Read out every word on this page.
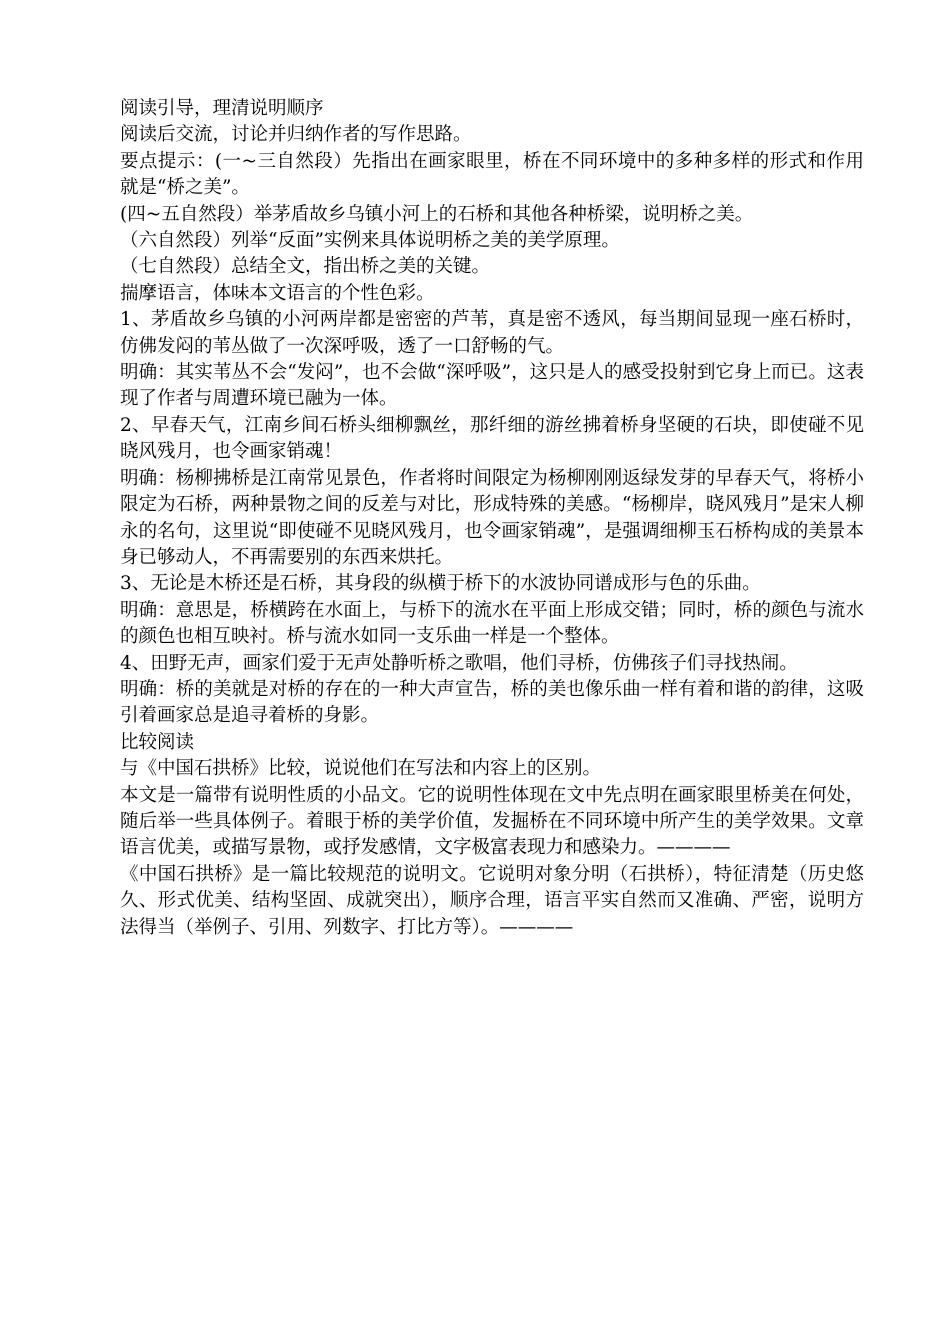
阅读引导，理清说明顺序

阅读后交流，讨论并归纳作者的写作思路。

要点提示：(一~三自然段）先指出在画家眼里，桥在不同环境中的多种多样的形式和作用就是“桥之美”。

(四~五自然段）举茅盾故乡乌镇小河上的石桥和其他各种桥梁，说明桥之美。

（六自然段）列举“反面”实例来具体说明桥之美的美学原理。

（七自然段）总结全文，指出桥之美的关键。

揣摩语言，体味本文语言的个性色彩。

1、茅盾故乡乌镇的小河两岸都是密密的芦苇，真是密不透风，每当期间显现一座石桥时，仿佛发闷的苇丛做了一次深呼吸，透了一口舒畅的气。

明确：其实苇丛不会“发闷”，也不会做“深呼吸”，这只是人的感受投射到它身上而已。这表现了作者与周遭环境已融为一体。

2、早春天气，江南乡间石桥头细柳飘丝，那纤细的游丝拂着桥身坚硬的石块，即使碰不见晓风残月，也令画家销魂！

明确：杨柳拂桥是江南常见景色，作者将时间限定为杨柳刚刚返绿发芽的早春天气，将桥小限定为石桥，两种景物之间的反差与对比，形成特殊的美感。“杨柳岸，晓风残月”是宋人柳永的名句，这里说“即使碰不见晓风残月，也令画家销魂”，是强调细柳玉石桥构成的美景本身已够动人，不再需要别的东西来烘托。

3、无论是木桥还是石桥，其身段的纵横于桥下的水波协同谱成形与色的乐曲。

明确：意思是，桥横跨在水面上，与桥下的流水在平面上形成交错；同时，桥的颜色与流水的颜色也相互映衬。桥与流水如同一支乐曲一样是一个整体。

4、田野无声，画家们爱于无声处静听桥之歌唱，他们寻桥，仿佛孩子们寻找热闹。

明确：桥的美就是对桥的存在的一种大声宣告，桥的美也像乐曲一样有着和谐的韵律，这吸引着画家总是追寻着桥的身影。

比较阅读

与《中国石拱桥》比较，说说他们在写法和内容上的区别。

本文是一篇带有说明性质的小品文。它的说明性体现在文中先点明在画家眼里桥美在何处，随后举一些具体例子。着眼于桥的美学价值，发掘桥在不同环境中所产生的美学效果。文章语言优美，或描写景物，或抒发感情，文字极富表现力和感染力。————

《中国石拱桥》是一篇比较规范的说明文。它说明对象分明（石拱桥），特征清楚（历史悠久、形式优美、结构坚固、成就突出），顺序合理，语言平实自然而又准确、严密，说明方法得当（举例子、引用、列数字、打比方等）。————
